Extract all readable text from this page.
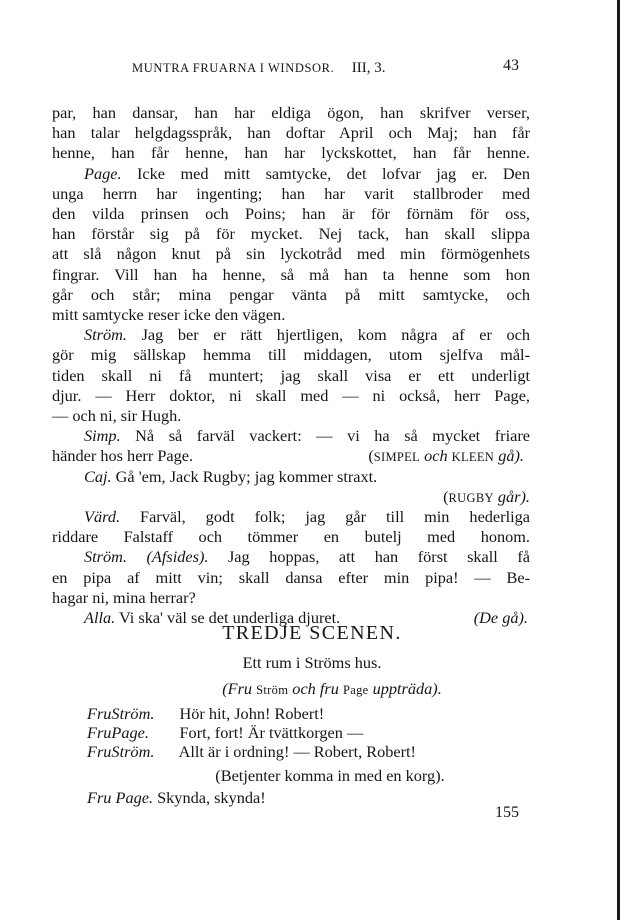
MUNTRA FRUARNA I WINDSOR. III, 3.	43
par, han dansar, han har eldiga ögon, han skrifver verser,
han talar helgdagsspråk, han doftar April och Maj; han får
henne, han får henne, han har lyckskottet, han får henne.
Page. Icke med mitt samtycke, det lofvar jag er. Den
unga herrn har ingenting; han har varit stallbroder med
den vilda prinsen och Poins; han är för förnäm för oss,
han förstår sig på för mycket. Nej tack, han skall slippa
att slå någon knut på sin lyckotråd med min förmögenhets
fingrar. Vill han ha henne, så må han ta henne som hon
går och står; mina pengar vänta på mitt samtycke, och
mitt samtycke reser icke den vägen.
Ström. Jag ber er rätt hjertligen, kom några af er och
gör mig sällskap hemma till middagen, utom sjelfva mål-
tiden skall ni få muntert; jag skall visa er ett underligt
djur. — Herr doktor, ni skall med — ni också, herr Page,
— och ni, sir Hugh.
Simp. Nå så farväl vackert: — vi ha så mycket friare
händer hos herr Page.	(SIMPEL och KLEEN gå).
Caj. Gå 'em, Jack Rugby; jag kommer straxt.
(RUGBY går).
Värd. Farväl, godt folk; jag går till min hederliga
riddare Falstaff och tömmer en butelj med honom.
Ström. (Afsides). Jag hoppas, att han först skall få
en pipa af mitt vin; skall dansa efter min pipa! — Be-
hagar ni, mina herrar?
Alla. Vi ska' väl se det underliga djuret.	(De gå).
TREDJE SCENEN.
Ett rum i Ströms hus.
(Fru Ström och fru Page uppträda).
FruStröm. Hör hit, John! Robert!
FruPage. Fort, fort! Är tvättkorgen —
FruStröm. Allt är i ordning! — Robert, Robert!
(Betjenter komma in med en korg).
Fru Page. Skynda, skynda!
155
